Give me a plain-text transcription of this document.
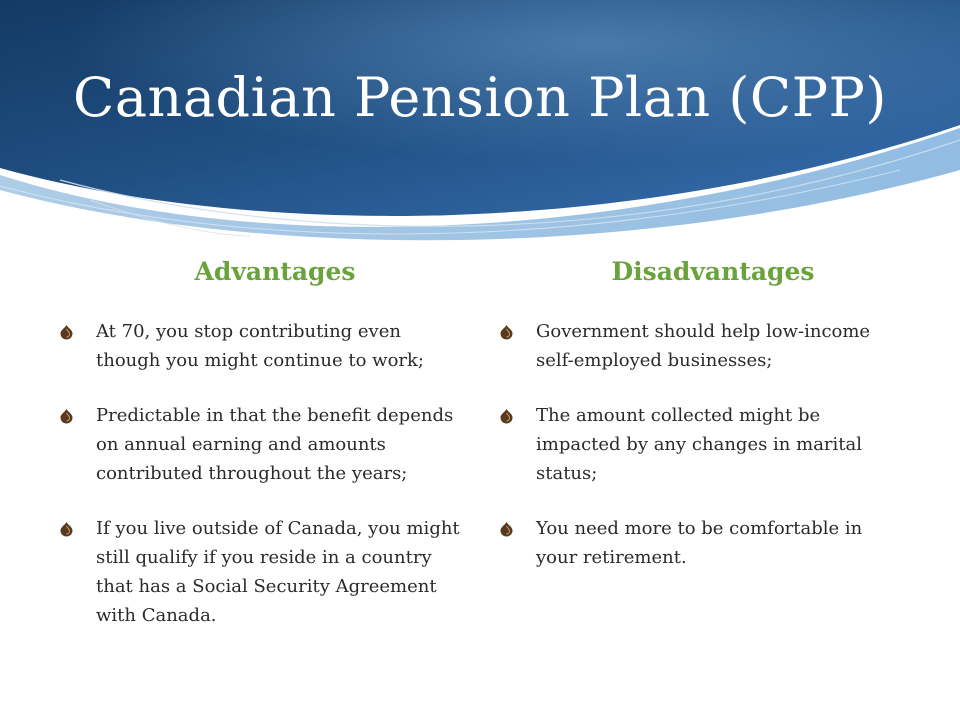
Canadian Pension Plan (CPP)
Advantages
At 70, you stop contributing even though you might continue to work;
Predictable in that the benefit depends on annual earning and amounts contributed throughout the years;
If you live outside of Canada, you might still qualify if you reside in a country that has a Social Security Agreement with Canada.
Disadvantages
Government should help low-income self-employed businesses;
The amount collected might be impacted by any changes in marital status;
You need more to be comfortable in your retirement.
